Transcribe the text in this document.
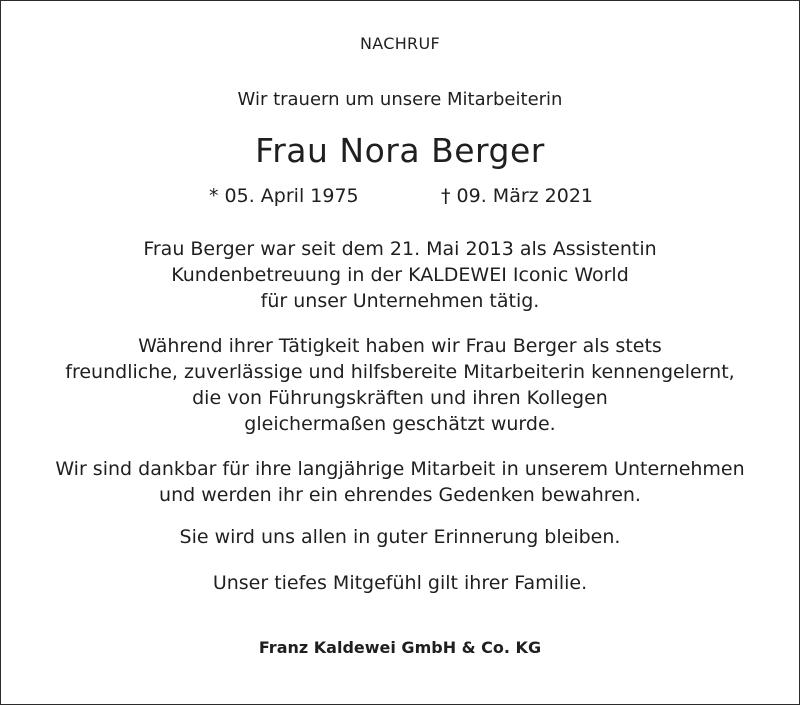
NACHRUF
Wir trauern um unsere Mitarbeiterin
Frau Nora Berger
* 05. April 1975	† 09. März 2021
Frau Berger war seit dem 21. Mai 2013 als Assistentin
Kundenbetreuung in der KALDEWEI Iconic World
für unser Unternehmen tätig.
Während ihrer Tätigkeit haben wir Frau Berger als stets
freundliche, zuverlässige und hilfsbereite Mitarbeiterin kennengelernt,
die von Führungskräften und ihren Kollegen
gleichermaßen geschätzt wurde.
Wir sind dankbar für ihre langjährige Mitarbeit in unserem Unternehmen
und werden ihr ein ehrendes Gedenken bewahren.
Sie wird uns allen in guter Erinnerung bleiben.
Unser tiefes Mitgefühl gilt ihrer Familie.
Franz Kaldewei GmbH & Co. KG
